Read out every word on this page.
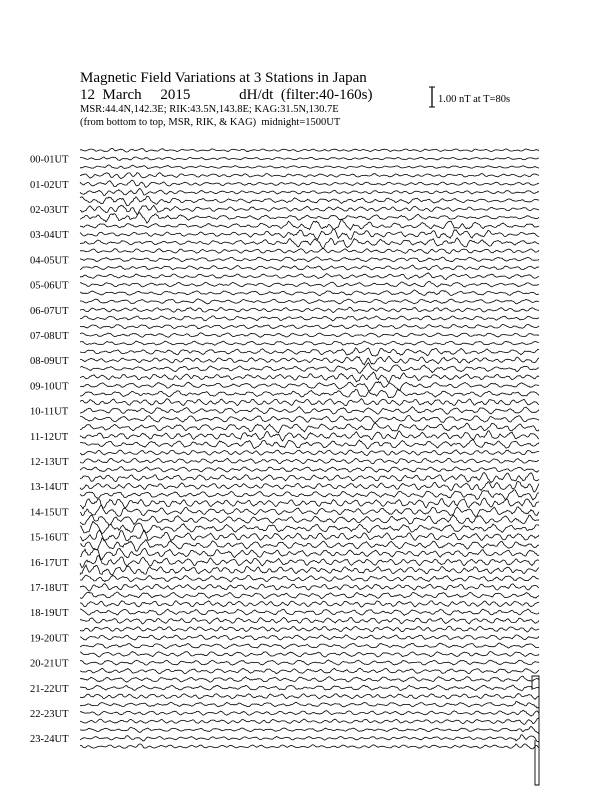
Magnetic Field Variations at 3 Stations in Japan
12 March 2015	dH/dt (filter:40-160s)
MSR:44.4N,142.3E; RIK:43.5N,143.8E; KAG:31.5N,130.7E
(from bottom to top, MSR, RIK, & KAG) midnight=1500UT
1.00 nT at T=80s
00-01UT
01-02UT
02-03UT
03-04UT
04-05UT
05-06UT
06-07UT
07-08UT
08-09UT
09-10UT
10-11UT
11-12UT
12-13UT
13-14UT
14-15UT
15-16UT
16-17UT
17-18UT
18-19UT
19-20UT
20-21UT
21-22UT
22-23UT
23-24UT
